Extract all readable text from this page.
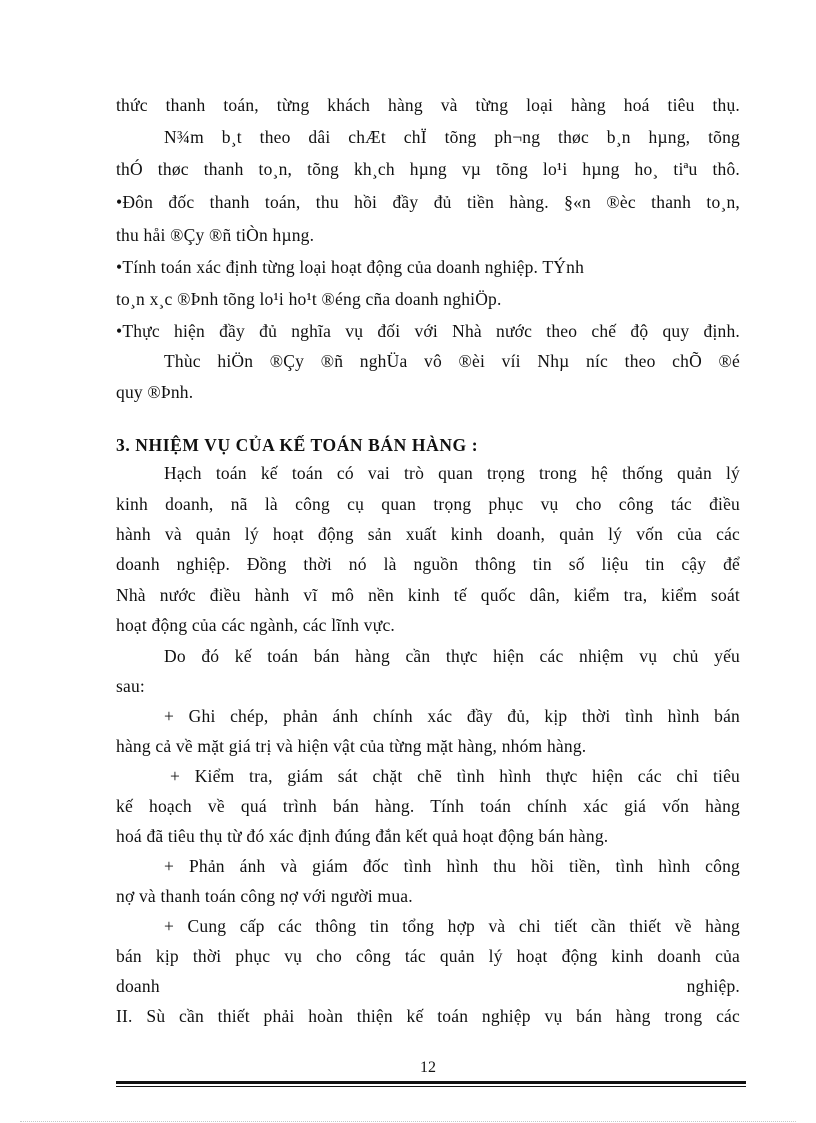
thức thanh toán, từng khách hàng và từng loại hàng hoá tiêu thụ.
N¾m b¸t theo dâi chÆt chÏ tõng ph¬ng thøc b¸n hµng, tõng
thÓ thøc thanh to¸n, tõng kh¸ch hµng vµ tõng lo¹i hµng ho¸ tiªu thô.
•Đôn đốc thanh toán, thu hồi đầy đủ tiền hàng. §«n ®èc thanh to¸n,
thu håi ®Çy ®ñ tiÒn hµng.
•Tính toán xác định từng loại hoạt động của doanh nghiệp. TÝnh
to¸n x¸c ®Þnh tõng lo¹i ho¹t ®éng cña doanh nghiÖp.
•Thực hiện đầy đủ nghĩa vụ đối với Nhà nước theo chế độ quy định.
Thùc hiÖn ®Çy ®ñ nghÜa vô ®èi víi Nhµ níc theo chÕ ®é
quy ®Þnh.
3. NHIỆM VỤ CỦA KẾ TOÁN BÁN HÀNG :
Hạch toán kế toán có vai trò quan trọng trong hệ thống quản lý
kinh doanh, nã là công cụ quan trọng phục vụ cho công tác điều
hành và quản lý hoạt động sản xuất kinh doanh, quản lý vốn của các
doanh nghiệp. Đồng thời nó là nguồn thông tin số liệu tin cậy để
Nhà nước điều hành vĩ mô nền kinh tế quốc dân, kiểm tra, kiểm soát
hoạt động của các ngành, các lĩnh vực.
Do đó kế toán bán hàng cần thực hiện các nhiệm vụ chủ yếu
sau:
+ Ghi chép, phản ánh chính xác đầy đủ, kịp thời tình hình bán
hàng cả về mặt giá trị và hiện vật của từng mặt hàng, nhóm hàng.
+ Kiểm tra, giám sát chặt chẽ tình hình thực hiện các chỉ tiêu
kế hoạch về quá trình bán hàng. Tính toán chính xác giá vốn hàng
hoá đã tiêu thụ từ đó xác định đúng đắn kết quả hoạt động bán hàng.
+ Phản ánh và giám đốc tình hình thu hồi tiền, tình hình công
nợ và thanh toán công nợ với người mua.
+ Cung cấp các thông tin tổng hợp và chi tiết cần thiết về hàng
bán kịp thời phục vụ cho công tác quản lý hoạt động kinh doanh của
doanh	nghiệp.
II. Sù cần thiết phải hoàn thiện kế toán nghiệp vụ bán hàng trong các
12
